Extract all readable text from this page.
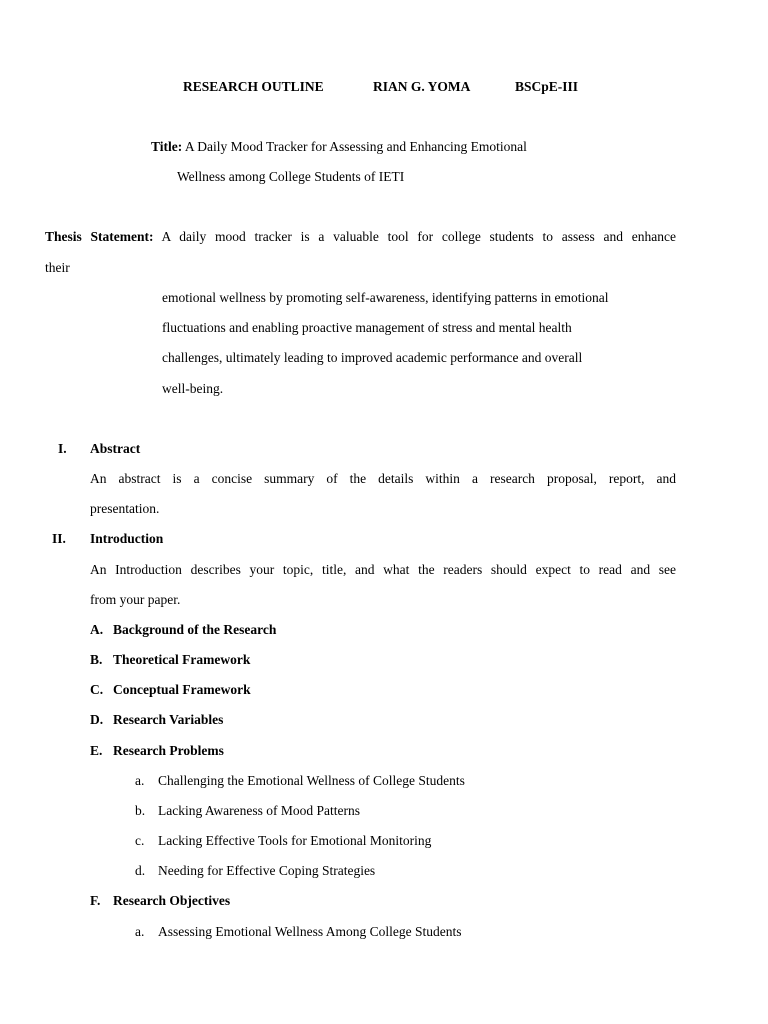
RESEARCH OUTLINE	RIAN G. YOMA	BSCpE-III
Title: A Daily Mood Tracker for Assessing and Enhancing Emotional
Wellness among College Students of IETI
Thesis Statement: A daily mood tracker is a valuable tool for college students to assess and enhance
their
emotional wellness by promoting self-awareness, identifying patterns in emotional
fluctuations and enabling proactive management of stress and mental health
challenges, ultimately leading to improved academic performance and overall
well-being.
I. Abstract
An abstract is a concise summary of the details within a research proposal, report, and
presentation.
II. Introduction
An Introduction describes your topic, title, and what the readers should expect to read and see
from your paper.
A. Background of the Research
B. Theoretical Framework
C. Conceptual Framework
D. Research Variables
E. Research Problems
a. Challenging the Emotional Wellness of College Students
b. Lacking Awareness of Mood Patterns
c. Lacking Effective Tools for Emotional Monitoring
d. Needing for Effective Coping Strategies
F. Research Objectives
a. Assessing Emotional Wellness Among College Students
